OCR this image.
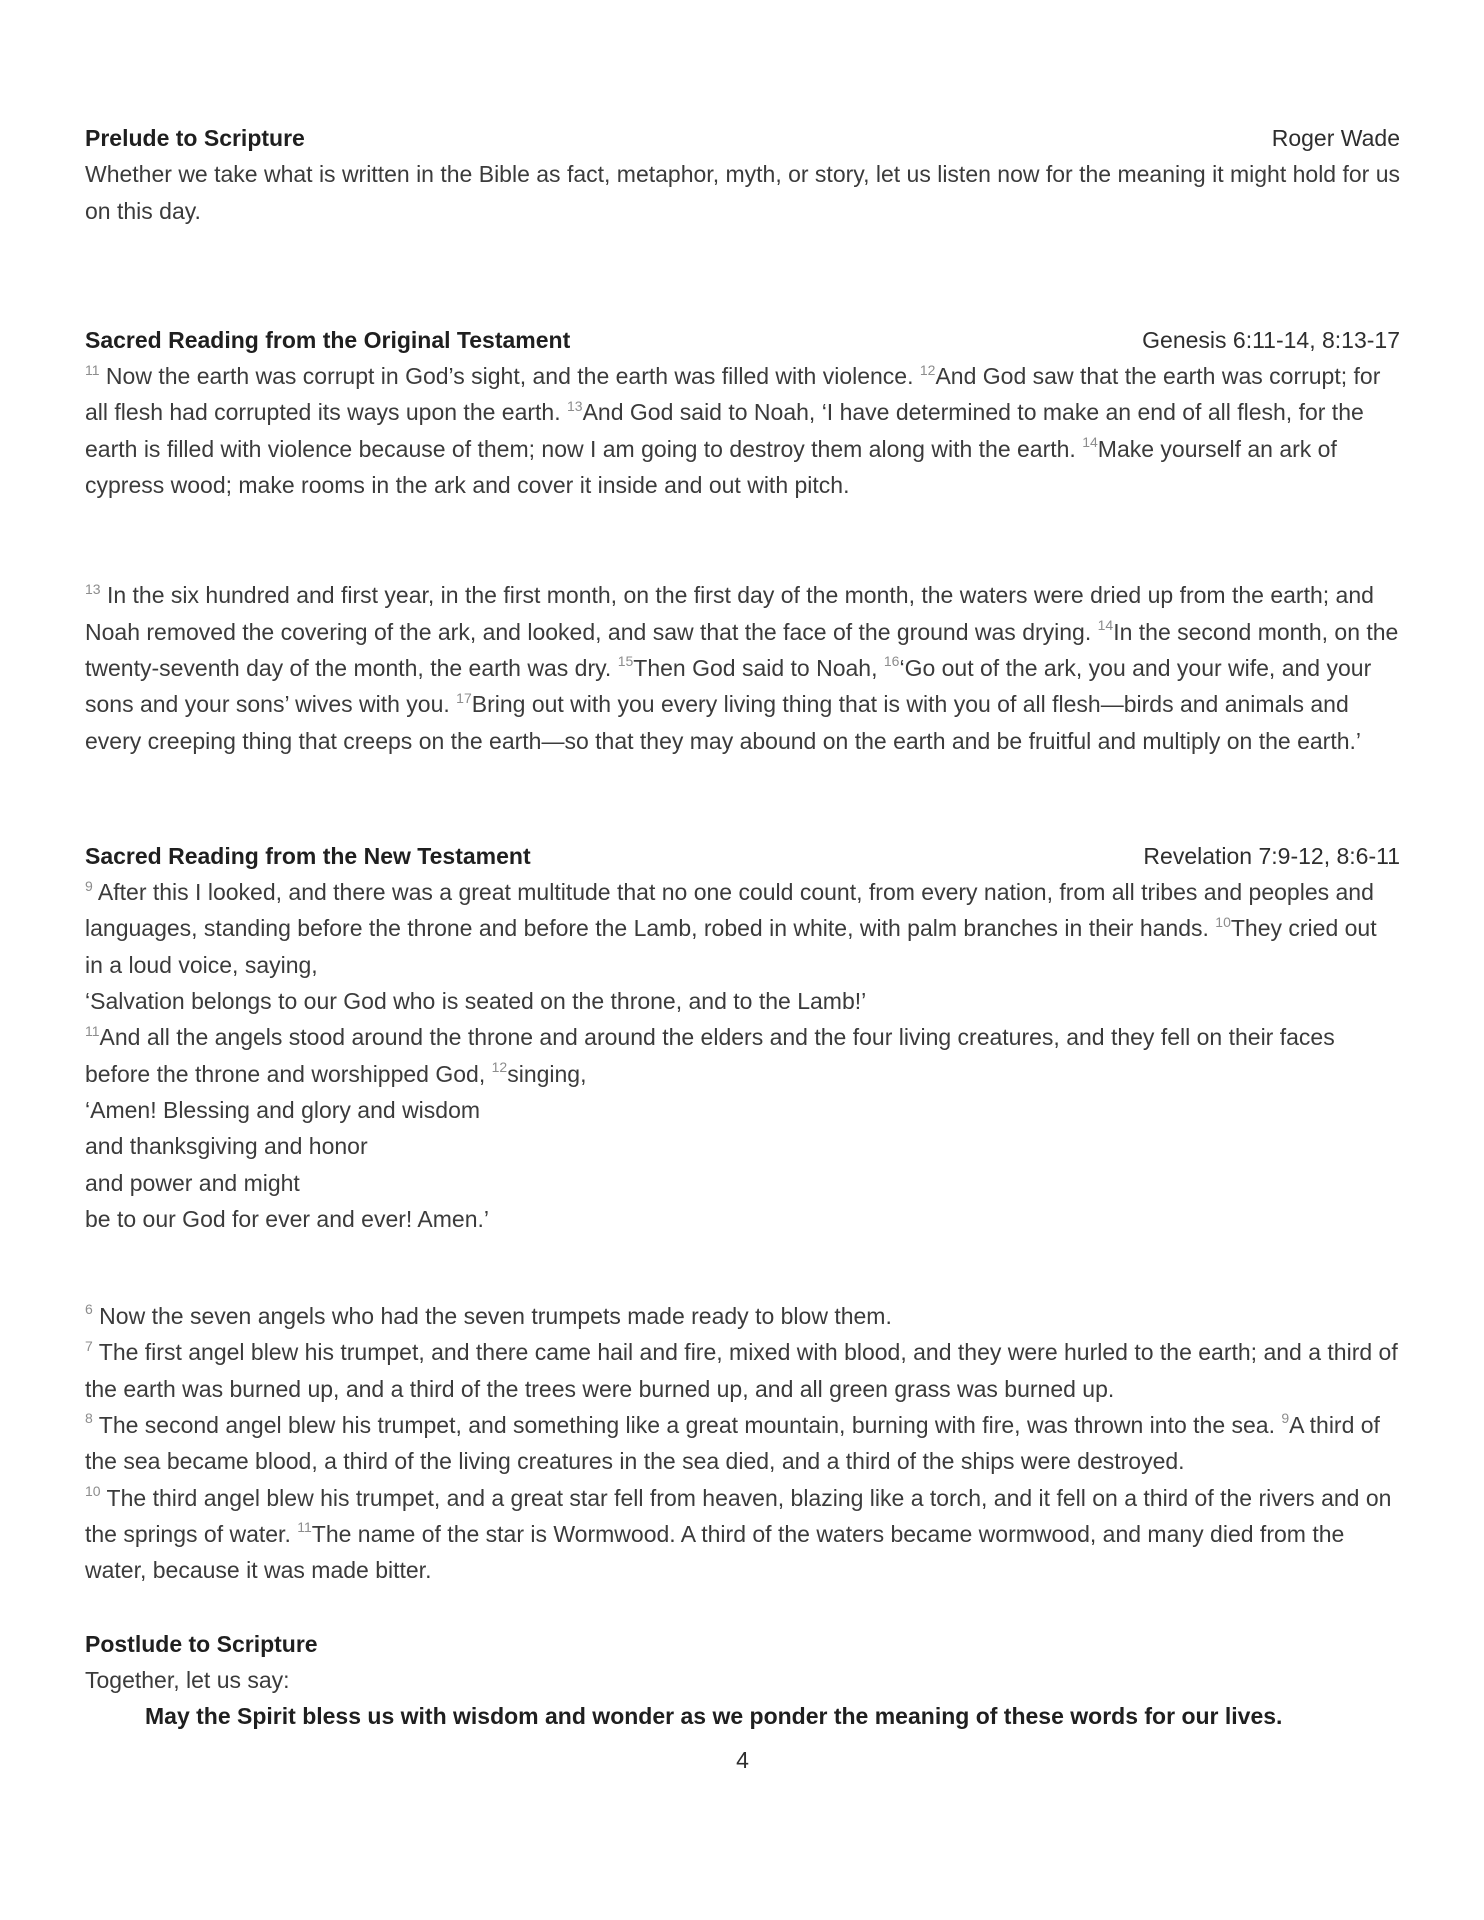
Prelude to Scripture	Roger Wade

Whether we take what is written in the Bible as fact, metaphor, myth, or story, let us listen now for the meaning it might hold for us on this day.

Sacred Reading from the Original Testament	Genesis 6:11-14, 8:13-17

$^{11}$ Now the earth was corrupt in God’s sight, and the earth was filled with violence. $^{12}$And God saw that the earth was corrupt; for all flesh had corrupted its ways upon the earth. $^{13}$And God said to Noah, ‘I have determined to make an end of all flesh, for the earth is filled with violence because of them; now I am going to destroy them along with the earth. $^{14}$Make yourself an ark of cypress wood; make rooms in the ark and cover it inside and out with pitch.

$^{13}$ In the six hundred and first year, in the first month, on the first day of the month, the waters were dried up from the earth; and Noah removed the covering of the ark, and looked, and saw that the face of the ground was drying. $^{14}$In the second month, on the twenty-seventh day of the month, the earth was dry. $^{15}$Then God said to Noah, $^{16}$‘Go out of the ark, you and your wife, and your sons and your sons’ wives with you. $^{17}$Bring out with you every living thing that is with you of all flesh—birds and animals and every creeping thing that creeps on the earth—so that they may abound on the earth and be fruitful and multiply on the earth.’

Sacred Reading from the New Testament	Revelation 7:9-12, 8:6-11

$^9$ After this I looked, and there was a great multitude that no one could count, from every nation, from all tribes and peoples and languages, standing before the throne and before the Lamb, robed in white, with palm branches in their hands. $^{10}$They cried out in a loud voice, saying,
‘Salvation belongs to our God who is seated on the throne, and to the Lamb!’
$^{11}$And all the angels stood around the throne and around the elders and the four living creatures, and they fell on their faces before the throne and worshipped God, $^{12}$singing,
‘Amen! Blessing and glory and wisdom
and thanksgiving and honor
and power and might
be to our God for ever and ever! Amen.’

$^6$ Now the seven angels who had the seven trumpets made ready to blow them.
$^7$ The first angel blew his trumpet, and there came hail and fire, mixed with blood, and they were hurled to the earth; and a third of the earth was burned up, and a third of the trees were burned up, and all green grass was burned up.
$^8$ The second angel blew his trumpet, and something like a great mountain, burning with fire, was thrown into the sea. $^9$A third of the sea became blood, a third of the living creatures in the sea died, and a third of the ships were destroyed.
$^{10}$ The third angel blew his trumpet, and a great star fell from heaven, blazing like a torch, and it fell on a third of the rivers and on the springs of water. $^{11}$The name of the star is Wormwood. A third of the waters became wormwood, and many died from the water, because it was made bitter.

Postlude to Scripture

Together, let us say:

May the Spirit bless us with wisdom and wonder as we ponder the meaning of these words for our lives.

4
